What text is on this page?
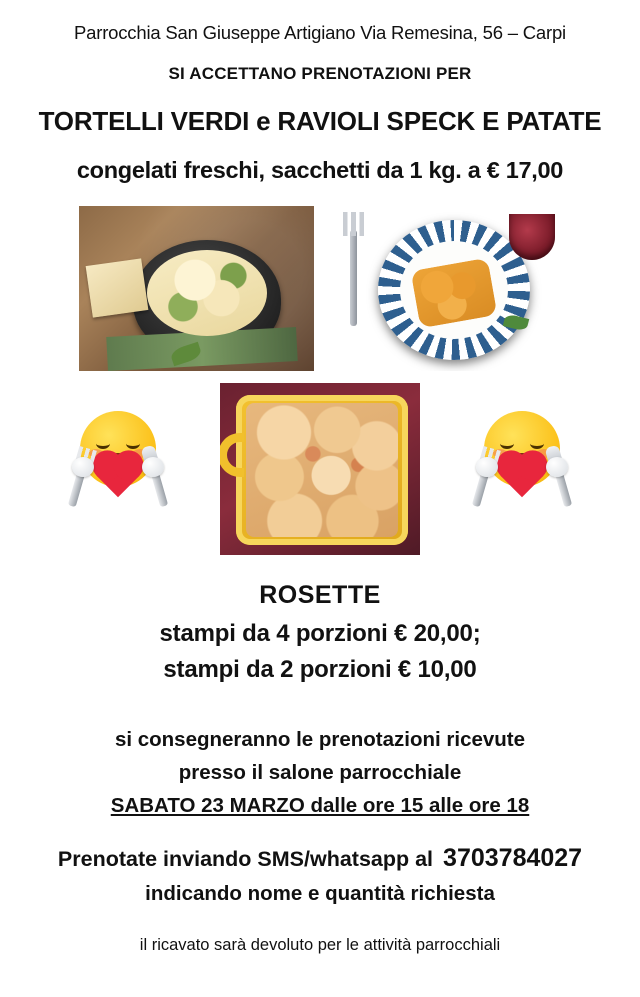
Parrocchia San Giuseppe Artigiano Via Remesina, 56 – Carpi
SI ACCETTANO PRENOTAZIONI PER
TORTELLI VERDI e RAVIOLI SPECK E PATATE
congelati freschi, sacchetti da 1 kg. a € 17,00
ROSETTE
stampi da 4 porzioni € 20,00;
stampi da 2 porzioni € 10,00
si consegneranno le prenotazioni ricevute
presso il salone parrocchiale
SABATO 23 MARZO dalle ore 15 alle ore 18
Prenotate inviando SMS/whatsapp al 3703784027
indicando nome e quantità richiesta
il ricavato sarà devoluto per le attività parrocchiali
